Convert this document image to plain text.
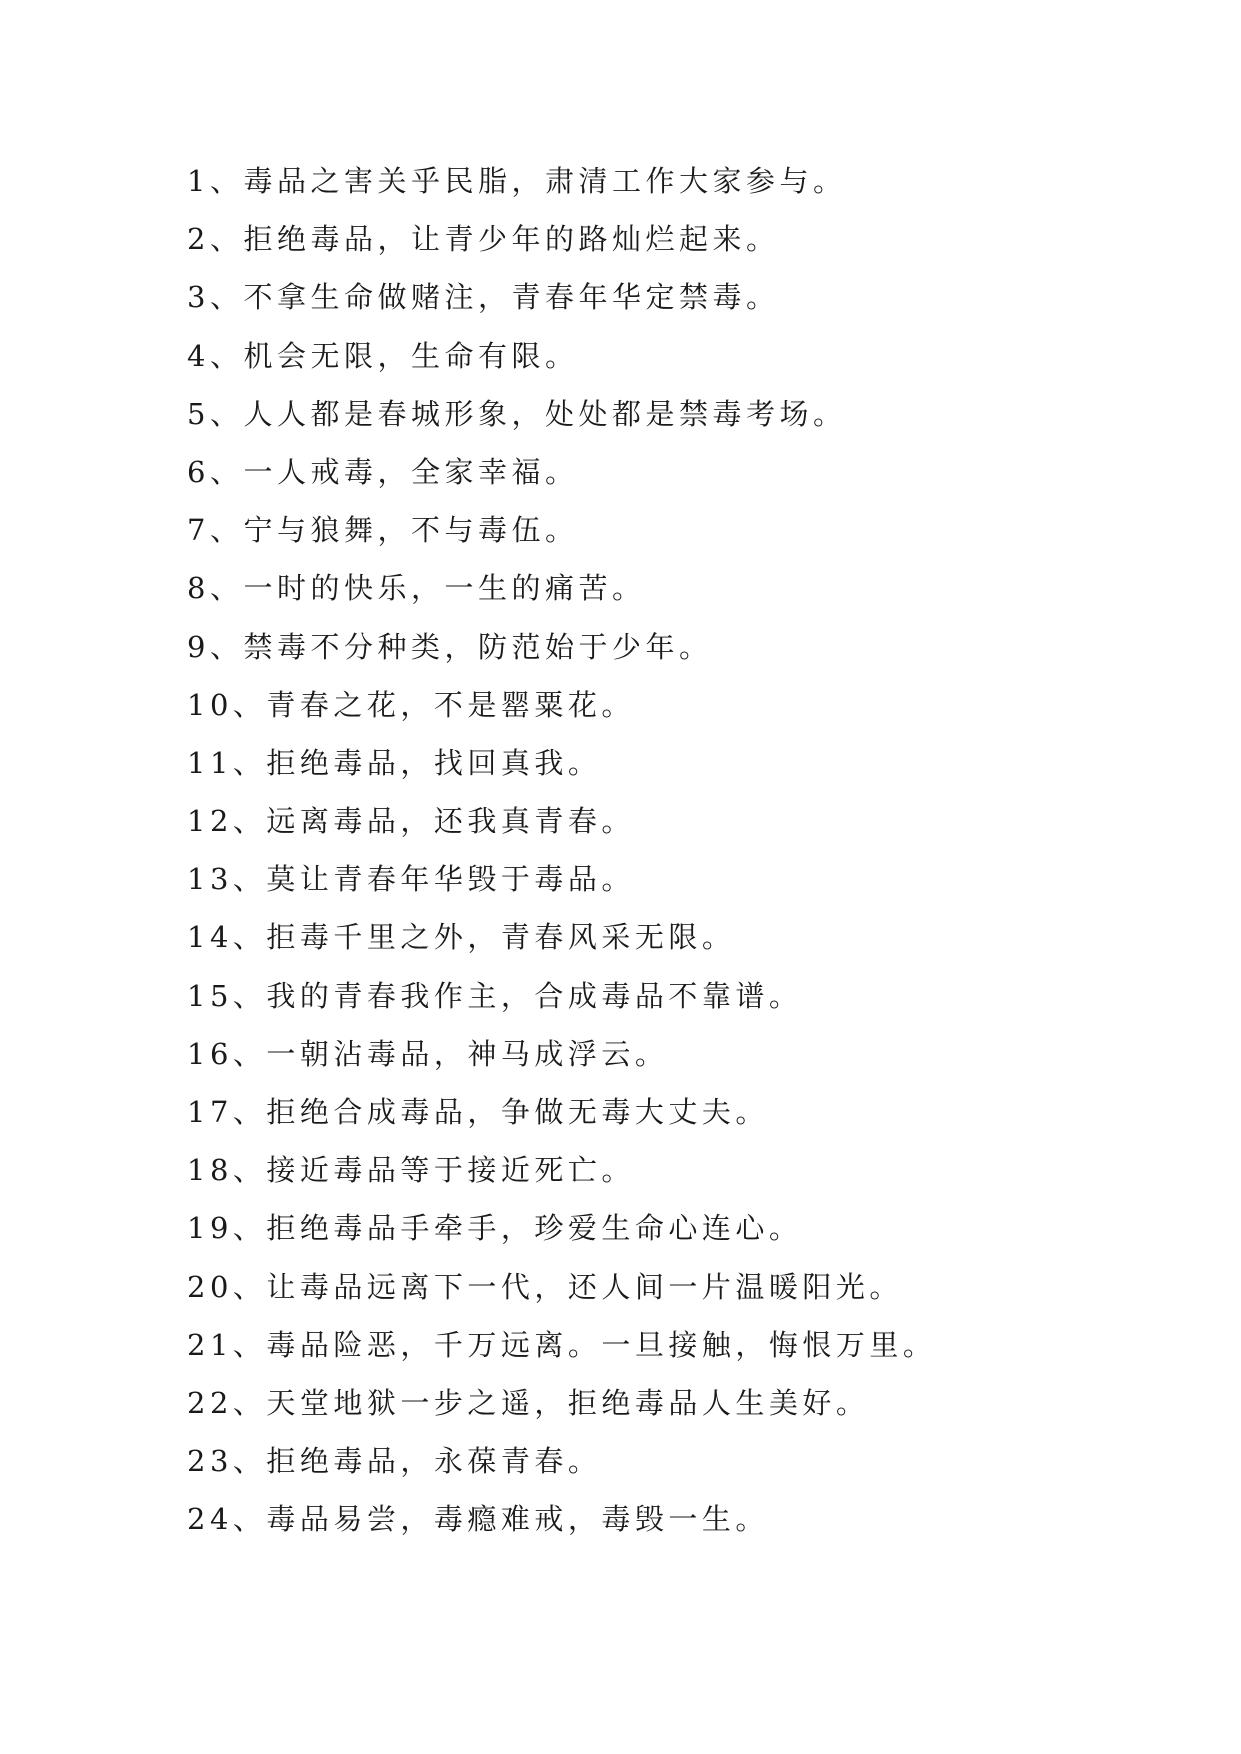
1、毒品之害关乎民脂，肃清工作大家参与。
2、拒绝毒品，让青少年的路灿烂起来。
3、不拿生命做赌注，青春年华定禁毒。
4、机会无限，生命有限。
5、人人都是春城形象，处处都是禁毒考场。
6、一人戒毒，全家幸福。
7、宁与狼舞，不与毒伍。
8、一时的快乐，一生的痛苦。
9、禁毒不分种类，防范始于少年。
10、青春之花，不是罂粟花。
11、拒绝毒品，找回真我。
12、远离毒品，还我真青春。
13、莫让青春年华毁于毒品。
14、拒毒千里之外，青春风采无限。
15、我的青春我作主，合成毒品不靠谱。
16、一朝沾毒品，神马成浮云。
17、拒绝合成毒品，争做无毒大丈夫。
18、接近毒品等于接近死亡。
19、拒绝毒品手牵手，珍爱生命心连心。
20、让毒品远离下一代，还人间一片温暖阳光。
21、毒品险恶，千万远离。一旦接触，悔恨万里。
22、天堂地狱一步之遥，拒绝毒品人生美好。
23、拒绝毒品，永葆青春。
24、毒品易尝，毒瘾难戒，毒毁一生。
